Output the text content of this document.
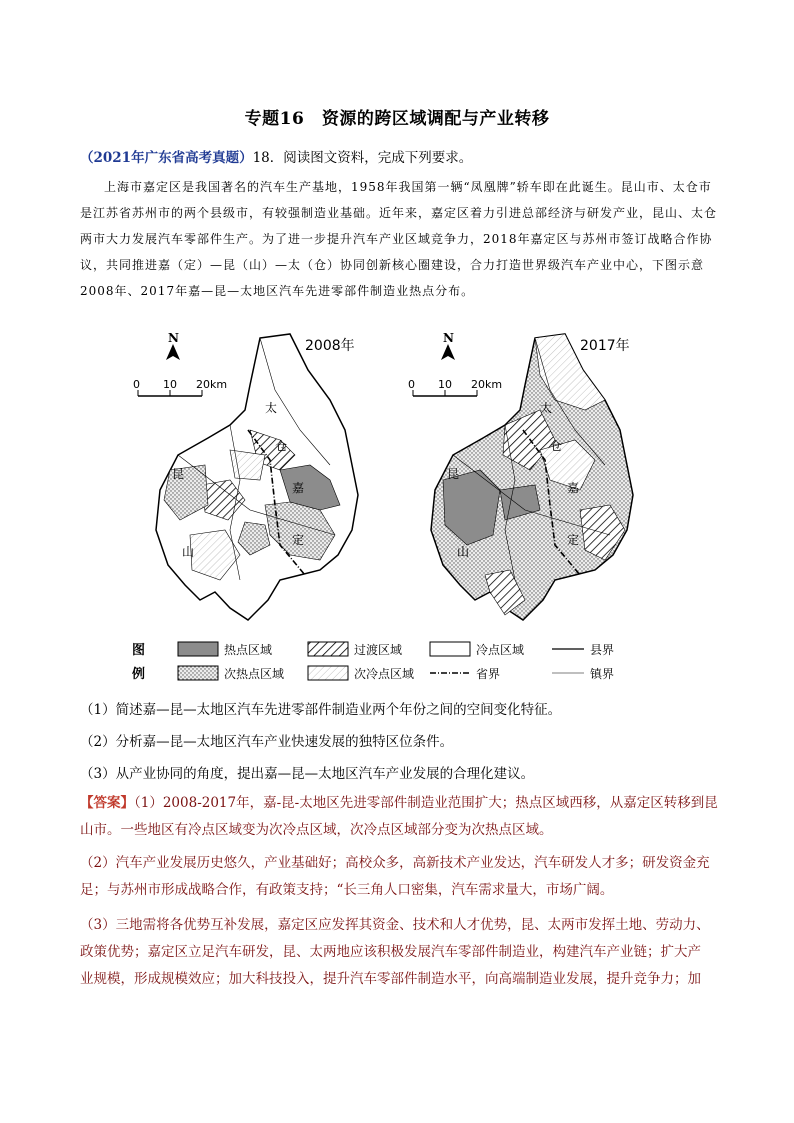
专题16　资源的跨区域调配与产业转移
（2021年广东省高考真题）18．阅读图文资料，完成下列要求。
上海市嘉定区是我国著名的汽车生产基地，1958年我国第一辆“凤凰牌”轿车即在此诞生。昆山市、太仓市是江苏省苏州市的两个县级市，有较强制造业基础。近年来，嘉定区着力引进总部经济与研发产业，昆山、太仓两市大力发展汽车零部件生产。为了进一步提升汽车产业区域竞争力，2018年嘉定区与苏州市签订战略合作协议，共同推进嘉（定）—昆（山）—太（仓）协同创新核心圈建设，合力打造世界级汽车产业中心，下图示意2008年、2017年嘉—昆—太地区汽车先进零部件制造业热点分布。
2008年
N
0 10 20km
太
仓
嘉
定
昆
山
2017年
N
0 10 20km
太
仓
嘉
定
昆
山
图
例
热点区域	过渡区域	冷点区域	县界
次热点区域	次冷点区域	省界	镇界
（1）简述嘉—昆—太地区汽车先进零部件制造业两个年份之间的空间变化特征。
（2）分析嘉—昆—太地区汽车产业快速发展的独特区位条件。
（3）从产业协同的角度，提出嘉—昆—太地区汽车产业发展的合理化建议。
【答案】（1）2008-2017年，嘉-昆-太地区先进零部件制造业范围扩大；热点区域西移，从嘉定区转移到昆
山市。一些地区有冷点区域变为次冷点区域，次冷点区域部分变为次热点区域。
（2）汽车产业发展历史悠久，产业基础好；高校众多，高新技术产业发达，汽车研发人才多；研发资金充
足；与苏州市形成战略合作，有政策支持；“长三角人口密集，汽车需求量大，市场广阔。
（3）三地需将各优势互补发展，嘉定区应发挥其资金、技术和人才优势，昆、太两市发挥土地、劳动力、
政策优势；嘉定区立足汽车研发，昆、太两地应该积极发展汽车零部件制造业，构建汽车产业链；扩大产
业规模，形成规模效应；加大科技投入，提升汽车零部件制造水平，向高端制造业发展，提升竞争力；加
